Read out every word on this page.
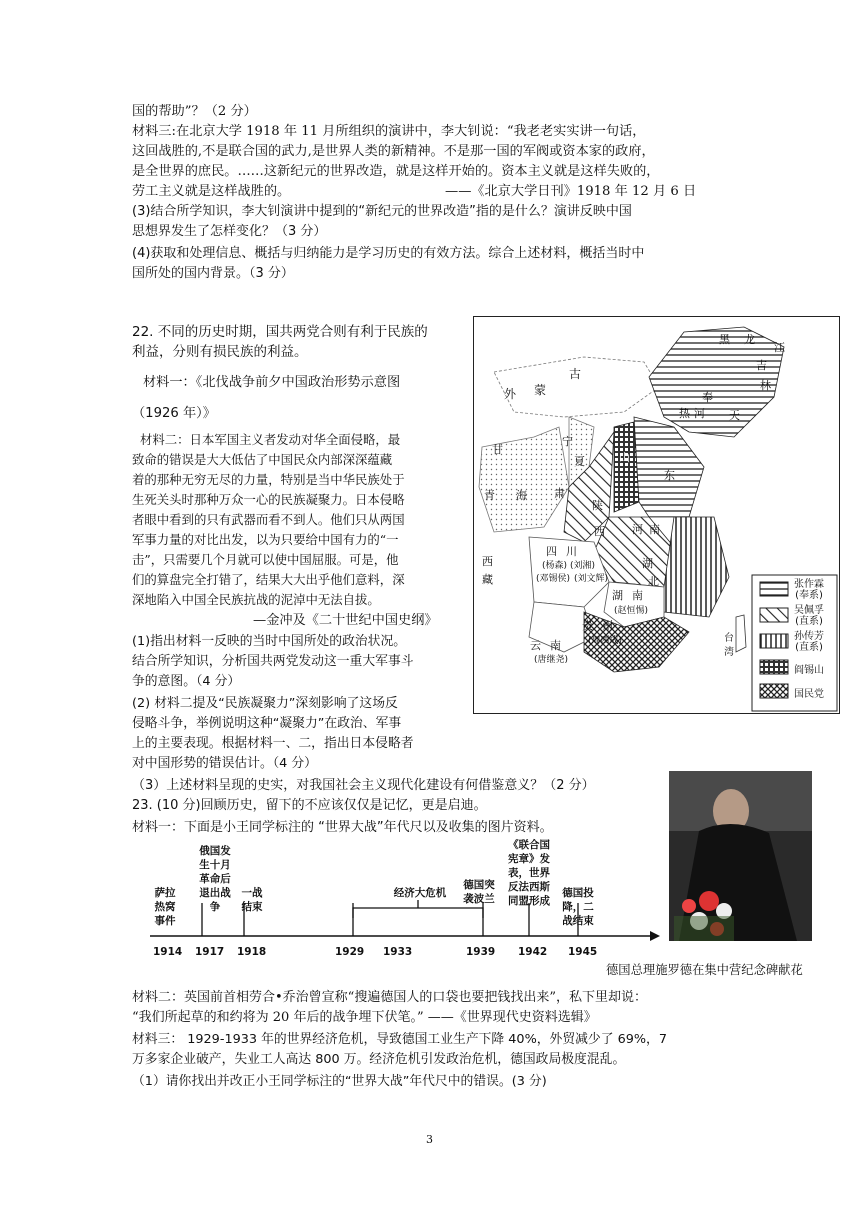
国的帮助”？（2 分）
材料三:在北京大学 1918 年 11 月所组织的演讲中，李大钊说：“我老老实实讲一句话，
这回战胜的,不是联合国的武力,是世界人类的新精神。不是那一国的军阀或资本家的政府，
是全世界的庶民。……这新纪元的世界改造，就是这样开始的。资本主义就是这样失败的，
劳工主义就是这样战胜的。	——《北京大学日刊》1918 年 12 月 6 日
(3)结合所学知识，李大钊演讲中提到的“新纪元的世界改造”指的是什么？演讲反映中国
思想界发生了怎样变化？（3 分）
(4)获取和处理信息、概括与归纳能力是学习历史的有效方法。综合上述材料，概括当时中
国所处的国内背景。（3 分）
22. 不同的历史时期，国共两党合则有利于民族的
利益，分则有损民族的利益。
材料一：《北伐战争前夕中国政治形势示意图
（1926 年）》
材料二：日本军国主义者发动对华全面侵略，最
致命的错误是大大低估了中国民众内部深深蕴藏
着的那种无穷无尽的力量，特别是当中华民族处于
生死关头时那种万众一心的民族凝聚力。日本侵略
者眼中看到的只有武器而看不到人。他们只从两国
军事力量的对比出发，以为只要给中国有力的“一
击”，只需要几个月就可以使中国屈服。可是，他
们的算盘完全打错了，结果大大出乎他们意料，深
深地陷入中国全民族抗战的泥淖中无法自拔。
—金冲及《二十世纪中国史纲》
(1)指出材料一反映的当时中国所处的政治状况。
结合所学知识，分析国共两党发动这一重大军事斗
争的意图。（4 分）
(2) 材料二提及“民族凝聚力”深刻影响了这场反
侵略斗争，举例说明这种“凝聚力”在政治、军事
上的主要表现。根据材料一、二，指出日本侵略者
对中国形势的错误估计。（4 分）
（3）上述材料呈现的史实，对我国社会主义现代化建设有何借鉴意义？（2 分）
外 蒙
古
黑 龙
江
吉
林
奉
天
热 河
宁
夏
甘
肃
青 海
陕
西
山
东
河 南
西
藏
四 川
湖
北
湖 南
贵 州
云 南
台
湾
(杨森) (刘湘)
(邓锡侯) (刘文辉)
(赵恒惕)
(周西成)
(唐继尧)
张作霖
(奉系)
吴佩孚
(直系)
孙传芳
(直系)
阎锡山
国民党
23. (10 分)回顾历史，留下的不应该仅仅是记忆，更是启迪。
材料一：下面是小王同学标注的 “世界大战”年代尺以及收集的图片资料。
德国总理施罗德在集中营纪念碑献花
萨拉热窝事件
俄国发生十月革命后退出战争
一战结束
经济大危机
德国突袭波兰
《联合国宪章》发表，世界反法西斯同盟形成
德国投降，二战结束
1914 1917 1918	1929 1933	1939 1942 1945
材料二：英国前首相劳合•乔治曾宣称“搜遍德国人的口袋也要把钱找出来”，私下里却说：
“我们所起草的和约将为 20 年后的战争埋下伏笔。” ——《世界现代史资料选辑》
材料三： 1929-1933 年的世界经济危机，导致德国工业生产下降 40%，外贸减少了 69%，7
万多家企业破产，失业工人高达 800 万。经济危机引发政治危机，德国政局极度混乱。
（1）请你找出并改正小王同学标注的“世界大战”年代尺中的错误。(3 分)
3
